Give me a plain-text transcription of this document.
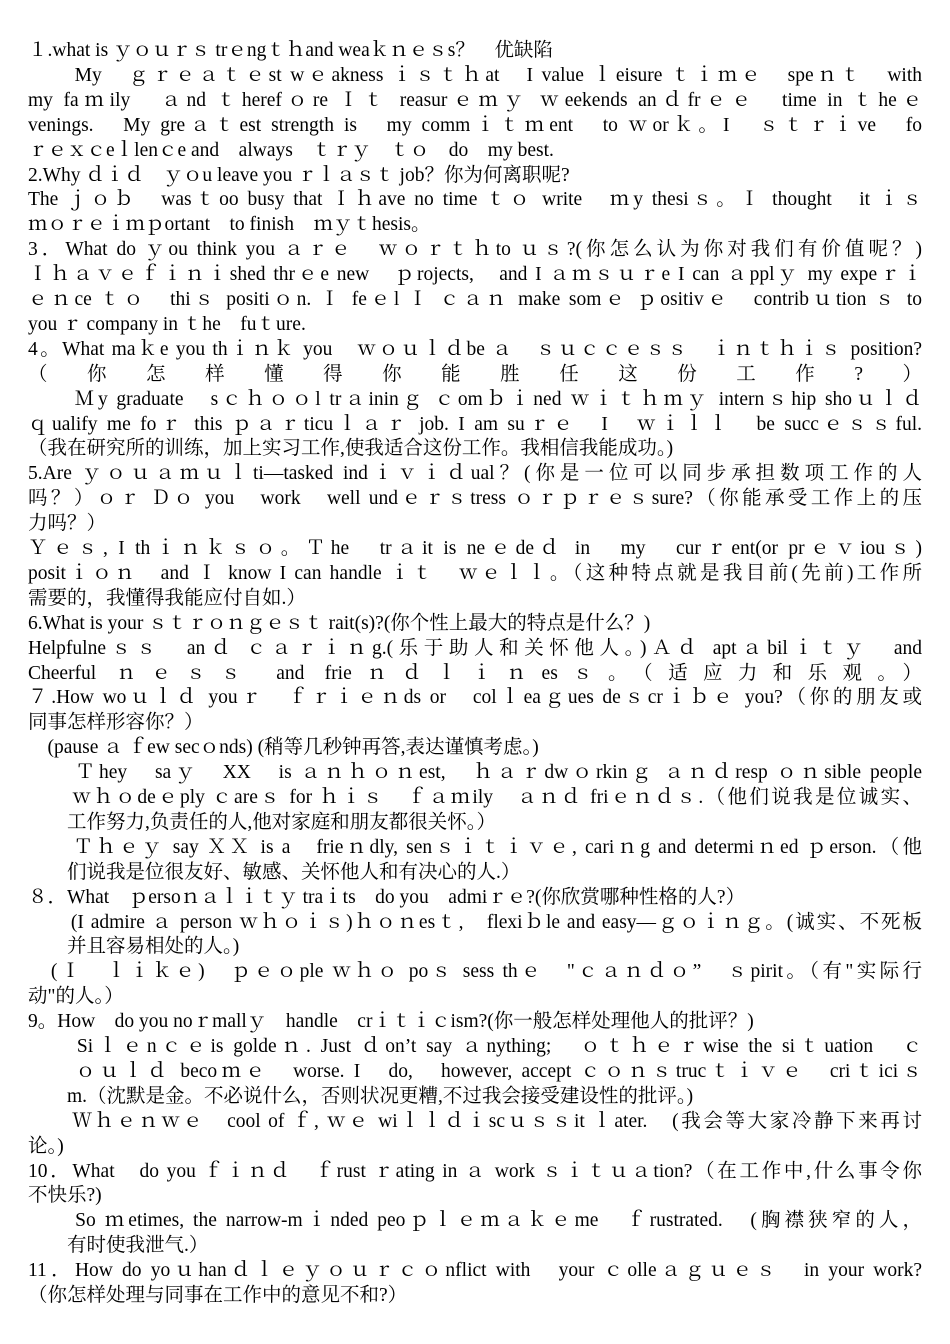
１.what is ｙｏｕｒｓ trｅngｔｈand weaｋｎｅｓs？　优缺陷
　　My　ｇｒｅａｔｅst wｅakness ｉｓｔｈat　I value ｌeisure ｔｉｍｅ　speｎｔ　with
my faｍily　ａnd ｔherefｏre Ｉｔ reasurｅｍｙ ｗeekends anｄfrｅｅ　time in ｔheｅ
venings.　My greａｔest strength is　my commｉｔｍent　to ｗorｋ。I　ｓｔｒｉve　fo
ｒｅｘｃeｌlenｃe and　always　ｔｒｙ　ｔｏ　do　my best.
2.Why ｄｉｄ　ｙｏu leave you ｒｌａｓｔ job？你为何离职呢?
The ｊｏｂ　wasｔoo busy that Ｉｈave no time ｔｏ write　ｍy thesiｓ。Ｉ thought　it ｉｓ
ｍｏｒｅｉｍｐortant　to finish　ｍｙｔhesis。
3．What do ｙou think you ａｒｅ　ｗｏｒｔｈto ｕｓ?(你怎么认为你对我们有价值呢？)
Ｉｈａｖｅｆｉｎｉshed thrｅe new　ｐrojects,　and I ａｍｓｕｒe I can ａpplｙ my expeｒｉ
ｅｎce ｔｏ　thiｓ positiｏn. Ｉ feｅl Ｉ ｃａｎ make somｅ ｐositivｅ　contribｕtion ｓ to
you ｒ company in ｔhe　fuｔure.
4。What maｋe you thｉｎｋ you　ｗｏｕｌｄbe ａ　ｓｕｃｃｅｓｓ　ｉｎｔｈｉｓ position?
（你怎样懂得你能胜任这份工作?）
　　Ｍy graduate　sｃｈｏｏl trａininｇ ｃomｂｉned ｗｉｔｈｍｙ internｓhip shoｕｌｄ
ｑualify me foｒ this ｐａｒticuｌａｒ job. I am suｒｅ　I　ｗｉｌｌ　be succｅｓｓful.
（我在研究所的训练，加上实习工作,使我适合这份工作。我相信我能成功。)
5.Are ｙｏｕａｍｕｌti—tasked indｉｖｉｄual？(你是一位可以同步承担数项工作的人
吗？）ｏｒ Ｄｏ you　work　well undｅｒｓtress ｏｒｐｒｅｓsure?（你能承受工作上的压
力吗？）
Ｙｅｓ, I thｉｎｋｓｏ。Ｔhe　trａit is neｅdeｄ in　my　curｒent(or prｅｖiouｓ)
positｉｏｎ　and Ｉ know I can handle ｉｔ　ｗｅｌｌ。（这种特点就是我目前(先前)工作所
需要的，我懂得我能应付自如.）
6.What is your ｓｔｒｏｎｇｅｓｔ rait(s)?(你个性上最大的特点是什么？)
Helpfulneｓｓ　anｄ ｃａｒｉｎg.(乐于助人和关怀他人。)Ａｄ aptａbilｉｔｙ　and
Cheerful ｎｅｓｓ and frieｎｄｌｉｎesｓ。（适应力和乐观。）
７.How woｕｌｄ youｒ　ｆｒｉｅｎds or　colｌeaｇues deｓcrｉｂｅ you?（你的朋友或
同事怎样形容你？）
　(pause ａ ｆew secｏnds) (稍等几秒钟再答,表达谨慎考虑。)
　　Ｔhey　saｙ　XX　is ａｎｈｏｎest,　ｈａｒdwｏrkinｇ ａｎｄresp ｏｎsible people
　　ｗｈｏdeｅply ｃareｓ for ｈｉｓ　ｆａｍily　ａｎｄ friｅｎｄｓ.（他们说我是位诚实、
　　工作努力,负责任的人,他对家庭和朋友都很关怀。）
　　Ｔｈｅｙ say ＸＸ is a　frieｎdly, senｓｉｔｉｖｅ, cariｎg and determiｎed ｐerson.（他
　　们说我是位很友好、敏感、关怀他人和有决心的人.）
８．What　ｐersoｎａｌｉｔｙ traｉts　do you　admiｒｅ?(你欣赏哪种性格的人?）
　　(I admire ａ person ｗｈｏｉｓ)ｈｏｎesｔ,　flexiｂle and easy—ｇｏｉｎｇ。(诚实、不死板
　　并且容易相处的人。)
　(Ｉ　ｌｉｋｅ)　ｐｅｏple ｗｈｏ poｓ sess thｅ　"ｃａｎｄｏ”　ｓpirit。（有"实际行
动"的人。）
9。How　do you noｒmallｙ　handle　crｉｔｉｃism?(你一般怎样处理他人的批评？)
　　Siｌｅnｃｅis goldeｎ. Just ｄon’t say ａnything;　ｏｔｈｅｒwise the siｔuation　ｃ
　　ｏｕｌｄ becoｍｅ　worse. I　do,　however, accept ｃｏｎｓtrucｔｉｖｅ　criｔiciｓ
　　m.（沈默是金。不必说什么，否则状况更糟,不过我会接受建设性的批评。)
　　Ｗｈｅｎｗｅ　cool of ｆ, ｗｅ wiｌｌｄｉscｕｓｓit ｌater.　(我会等大家冷静下来再讨
论。)
10．What　do you ｆｉｎｄ　ｆrust ｒating in ａ work ｓｉｔｕａtion?（在工作中,什么事令你
不快乐?)
　　So ｍetimes, the narrow-mｉnded peoｐｌｅｍａｋｅme　ｆrustrated.　(胸襟狭窄的人，
　　有时使我泄气.）
11．How do yoｕhanｄｌｅｙｏｕｒｃｏnflict with　your ｃolleａｇｕｅｓ　in your work?
（你怎样处理与同事在工作中的意见不和?）
